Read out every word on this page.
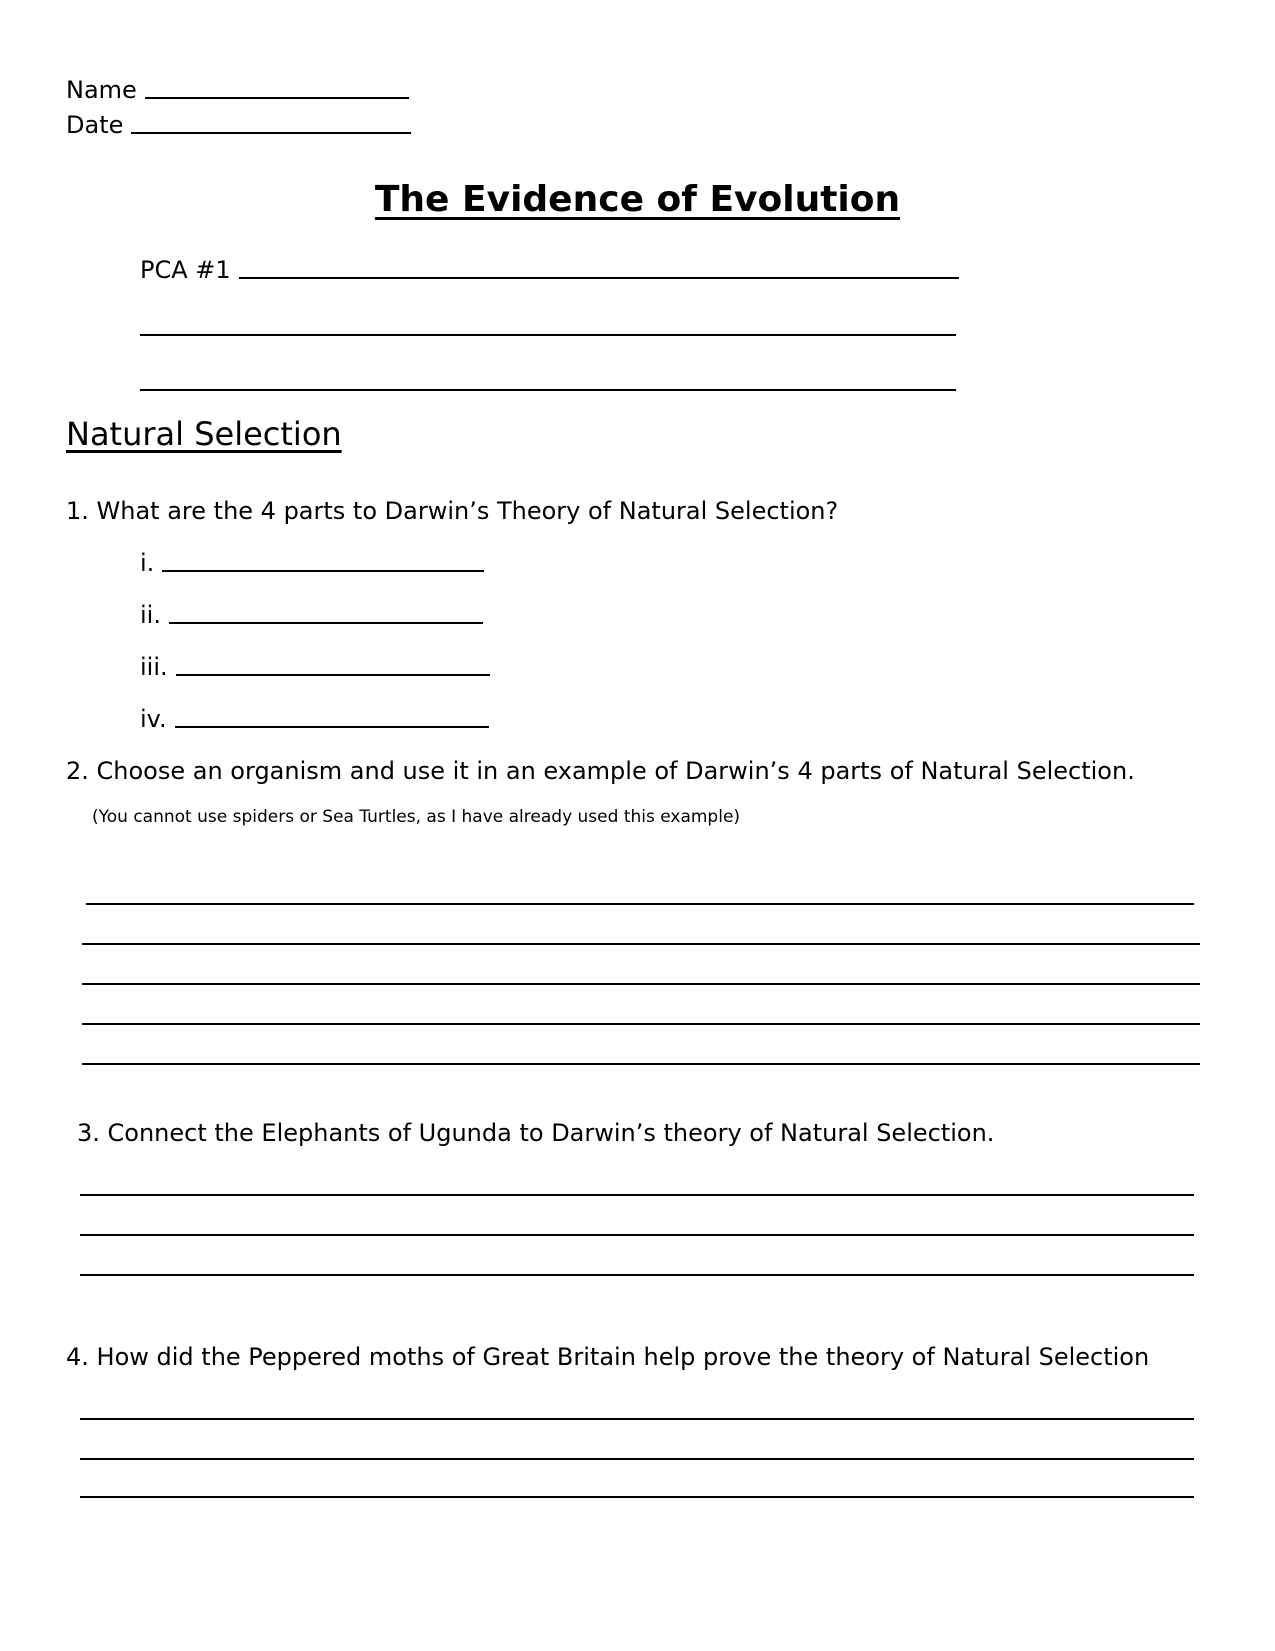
Name
Date
The Evidence of Evolution
PCA #1
Natural Selection
1. What are the 4 parts to Darwin’s Theory of Natural Selection?
i.
ii.
iii.
iv.
2. Choose an organism and use it in an example of Darwin’s 4 parts of Natural Selection.
(You cannot use spiders or Sea Turtles, as I have already used this example)
3. Connect the Elephants of Ugunda to Darwin’s theory of Natural Selection.
4. How did the Peppered moths of Great Britain help prove the theory of Natural Selection
